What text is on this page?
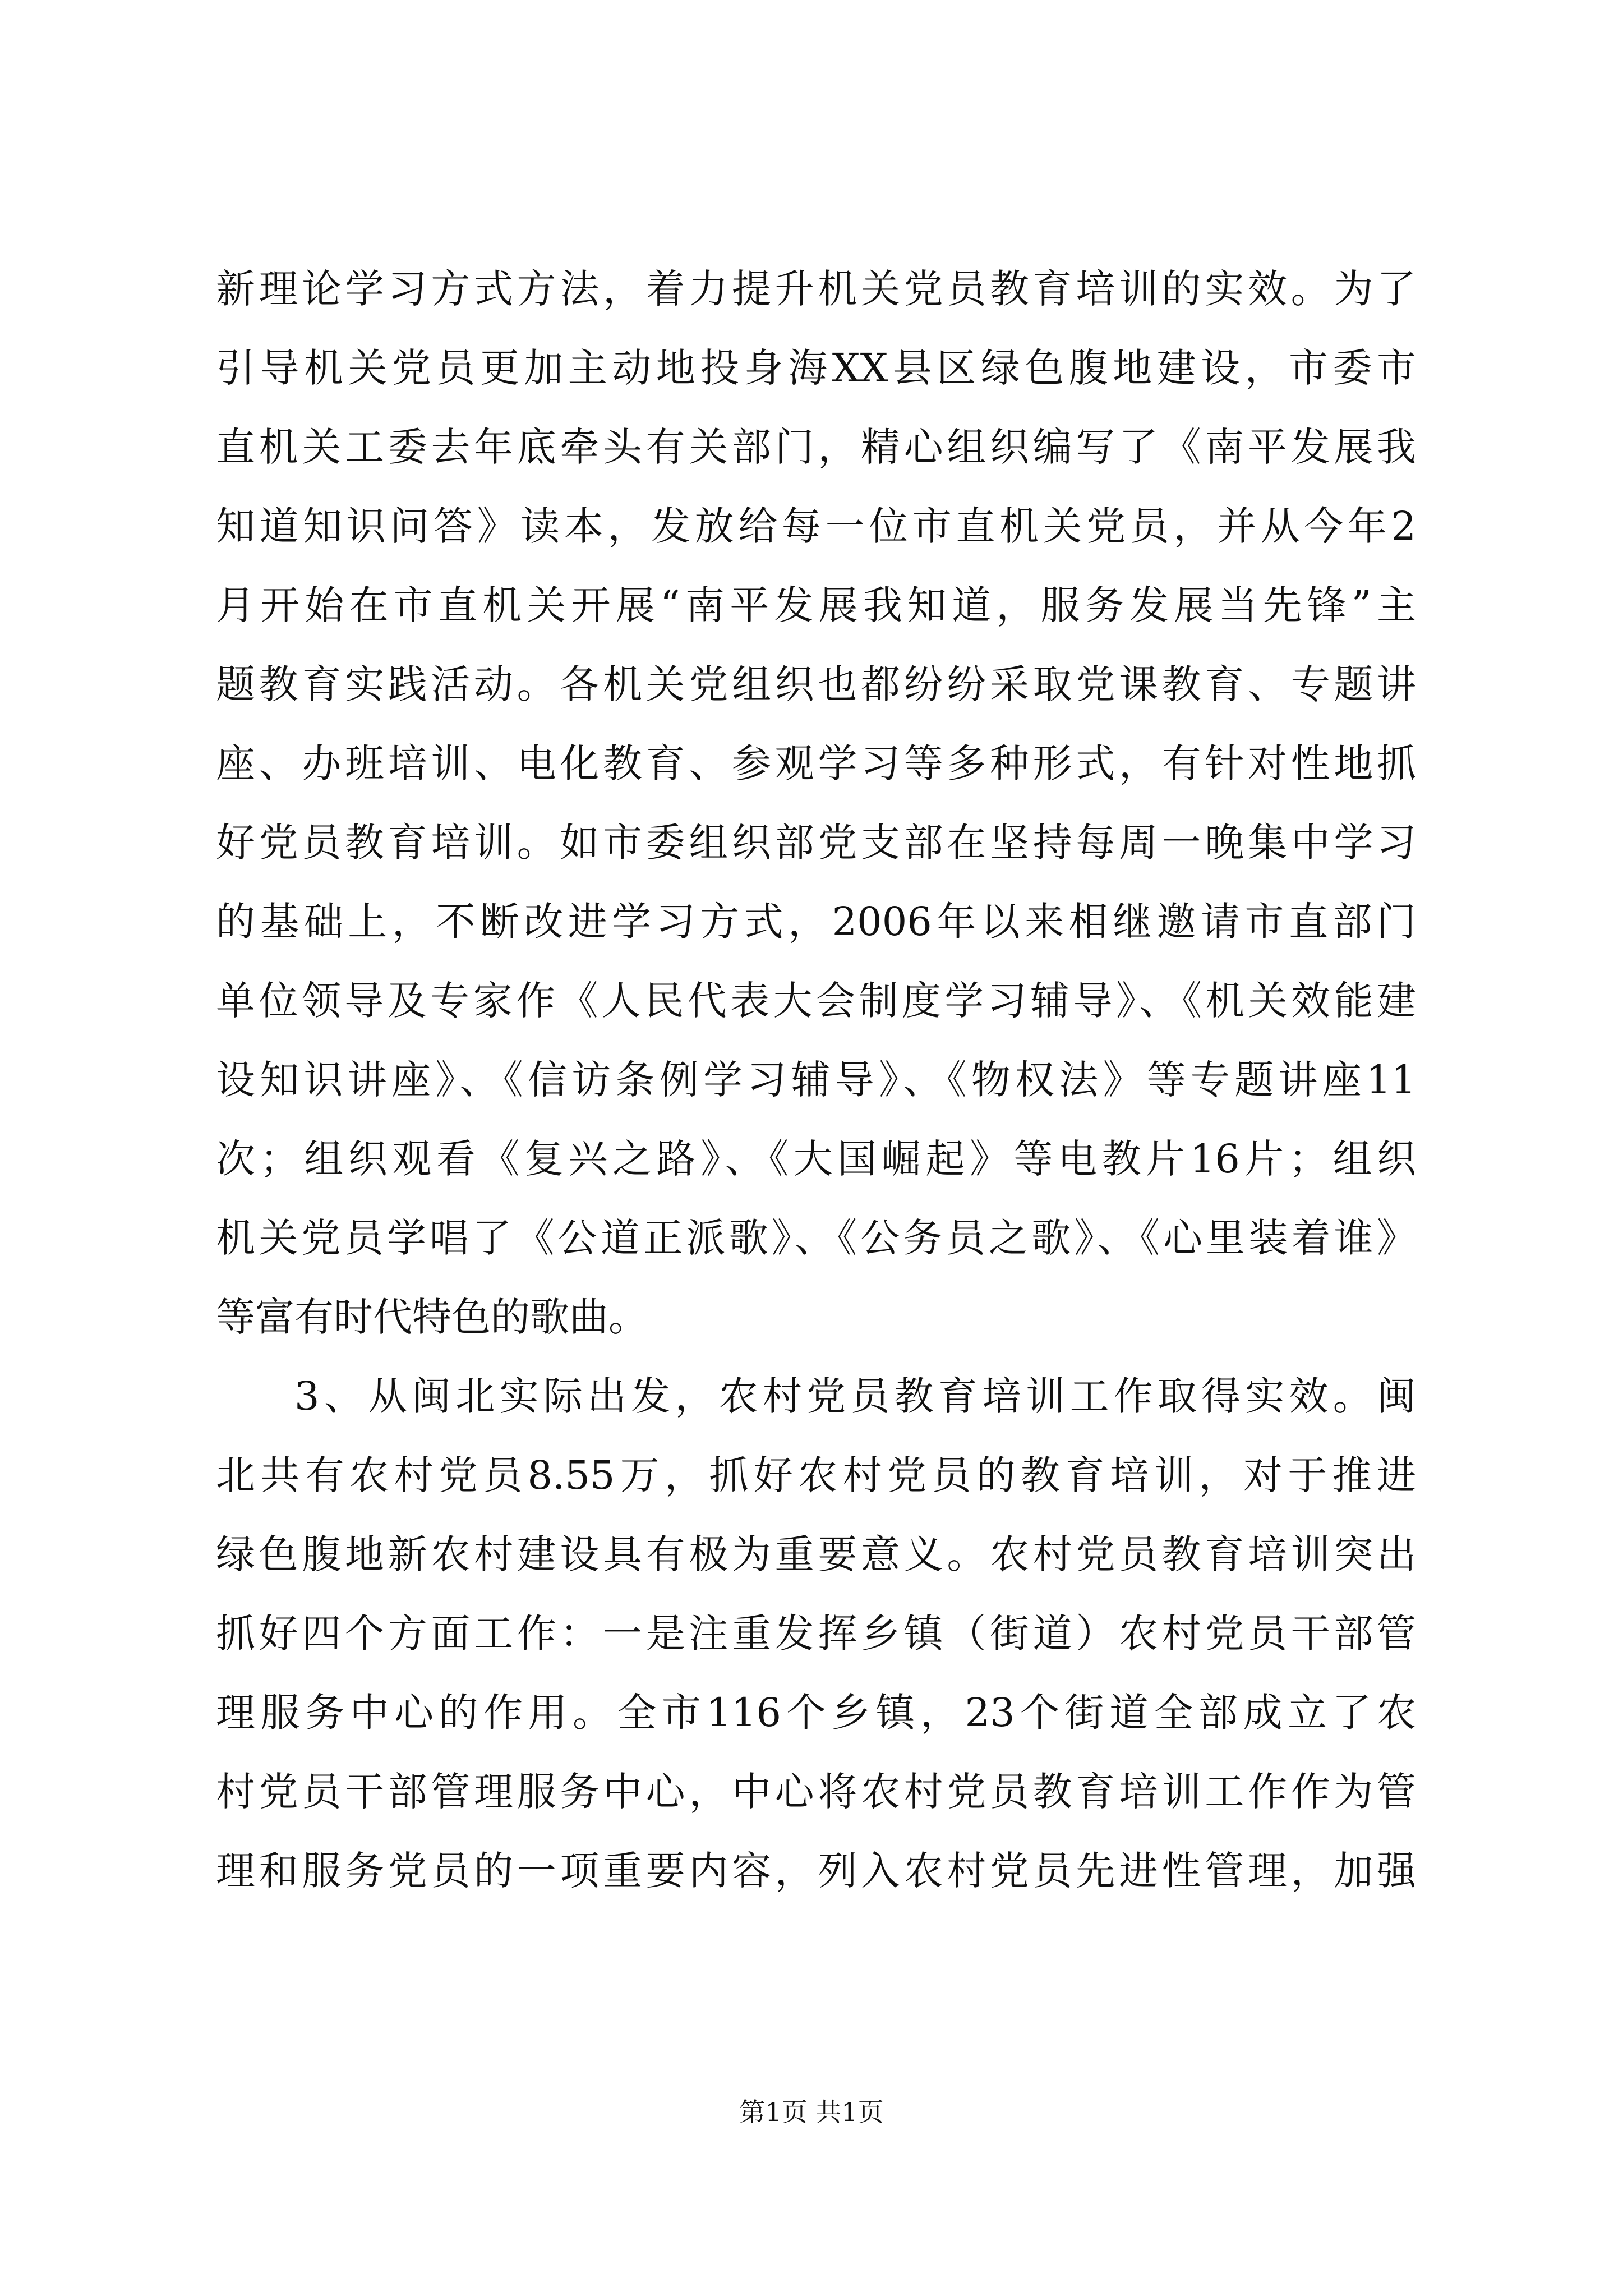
新理论学习方式方法，着力提升机关党员教育培训的实效。为了
引导机关党员更加主动地投身海XX县区绿色腹地建设，市委市
直机关工委去年底牵头有关部门，精心组织编写了《南平发展我
知道知识问答》读本，发放给每一位市直机关党员，并从今年2
月开始在市直机关开展“南平发展我知道，服务发展当先锋”主
题教育实践活动。各机关党组织也都纷纷采取党课教育、专题讲
座、办班培训、电化教育、参观学习等多种形式，有针对性地抓
好党员教育培训。如市委组织部党支部在坚持每周一晚集中学习
的基础上，不断改进学习方式，2006年以来相继邀请市直部门
单位领导及专家作《人民代表大会制度学习辅导》、《机关效能建
设知识讲座》、《信访条例学习辅导》、《物权法》等专题讲座11
次；组织观看《复兴之路》、《大国崛起》等电教片16片；组织
机关党员学唱了《公道正派歌》、《公务员之歌》、《心里装着谁》
等富有时代特色的歌曲。
3、从闽北实际出发，农村党员教育培训工作取得实效。闽
北共有农村党员8.55万，抓好农村党员的教育培训，对于推进
绿色腹地新农村建设具有极为重要意义。农村党员教育培训突出
抓好四个方面工作：一是注重发挥乡镇（街道）农村党员干部管
理服务中心的作用。全市116个乡镇，23个街道全部成立了农
村党员干部管理服务中心，中心将农村党员教育培训工作作为管
理和服务党员的一项重要内容，列入农村党员先进性管理，加强
第1页 共1页
